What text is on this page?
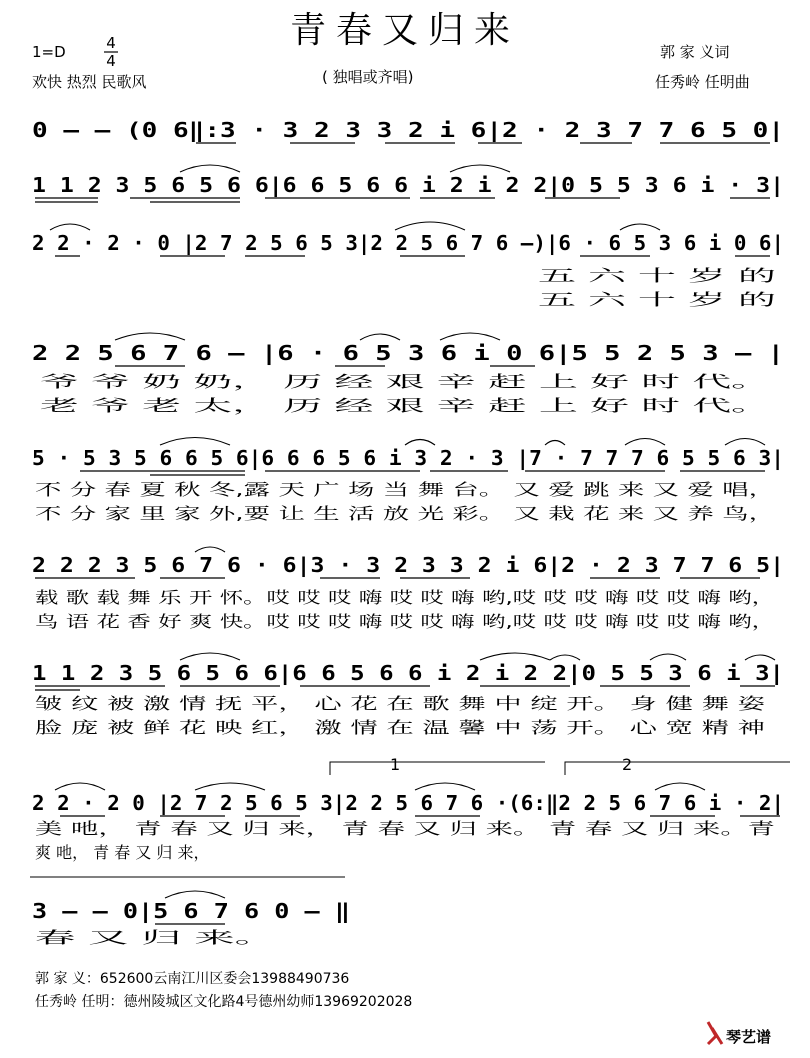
青春又归来
1=D	4
4
欢快 热烈 民歌风	( 独唱或齐唱)
郭 家 义词
任秀岭 任明曲
0 – – (0 6‖:3 · 3 2 3 3 2 i 6|2 · 2 3 7 7 6 5 0|
1 1 2 3 5 6 5 6 6|6 6 5 6 6 i 2 i 2 2|0 5 5 3 6 i · 3|
2 2 · 2 · 0 |2 7 2 5 6 5 3|2 2 5 6 7 6 –)|6 · 6 5 3 6 i 0 6|
五 六 十 岁 的
五 六 十 岁 的
2 2 5 6 7 6 – |6 · 6 5 3 6 i 0 6|5 5 2 5 3 – |
爷 爷 奶 奶， 历 经 艰 辛 赶 上 好 时 代。
老 爷 老 太， 历 经 艰 辛 赶 上 好 时 代。
5 · 5 3 5 6 6 5 6|6 6 6 5 6 i 3 2 · 3 |7 · 7 7 7 6 5 5 6 3|
不 分 春 夏 秋 冬,露 天 广 场 当 舞 台。 又 爱 跳 来 又 爱 唱，
不 分 家 里 家 外,要 让 生 活 放 光 彩。 又 栽 花 来 又 养 鸟，
2 2 2 3 5 6 7 6 · 6|3 · 3 2 3 3 2 i 6|2 · 2 3 7 7 6 5|
载 歌 载 舞 乐 开 怀。哎 哎 哎 嗨 哎 哎 嗨 哟,哎 哎 哎 嗨 哎 哎 嗨 哟，
鸟 语 花 香 好 爽 快。哎 哎 哎 嗨 哎 哎 嗨 哟,哎 哎 哎 嗨 哎 哎 嗨 哟，
1 1 2 3 5 6 5 6 6|6 6 5 6 6 i 2 i 2 2|0 5 5 3 6 i 3|
皱 纹 被 激 情 抚 平， 心 花 在 歌 舞 中 绽 开。 身 健 舞 姿
脸 庞 被 鲜 花 映 红， 激 情 在 温 馨 中 荡 开。 心 宽 精 神
1	2
2 2 · 2 0 |2 7 2 5 6 5 3|2 2 5 6 7 6 ·(6:‖2 2 5 6 7 6 i · 2|
美 吔， 青 春 又 归 来， 青 春 又 归 来。 青 春 又 归 来。青
爽 吔， 青 春 又 归 来，
3 – – 0|5 6 7 6 0 – ‖
春 又 归 来。
郭 家 义：652600云南江川区委会13988490736
任秀岭 任明：德州陵城区文化路4号德州幼师13969202028
琴艺谱
